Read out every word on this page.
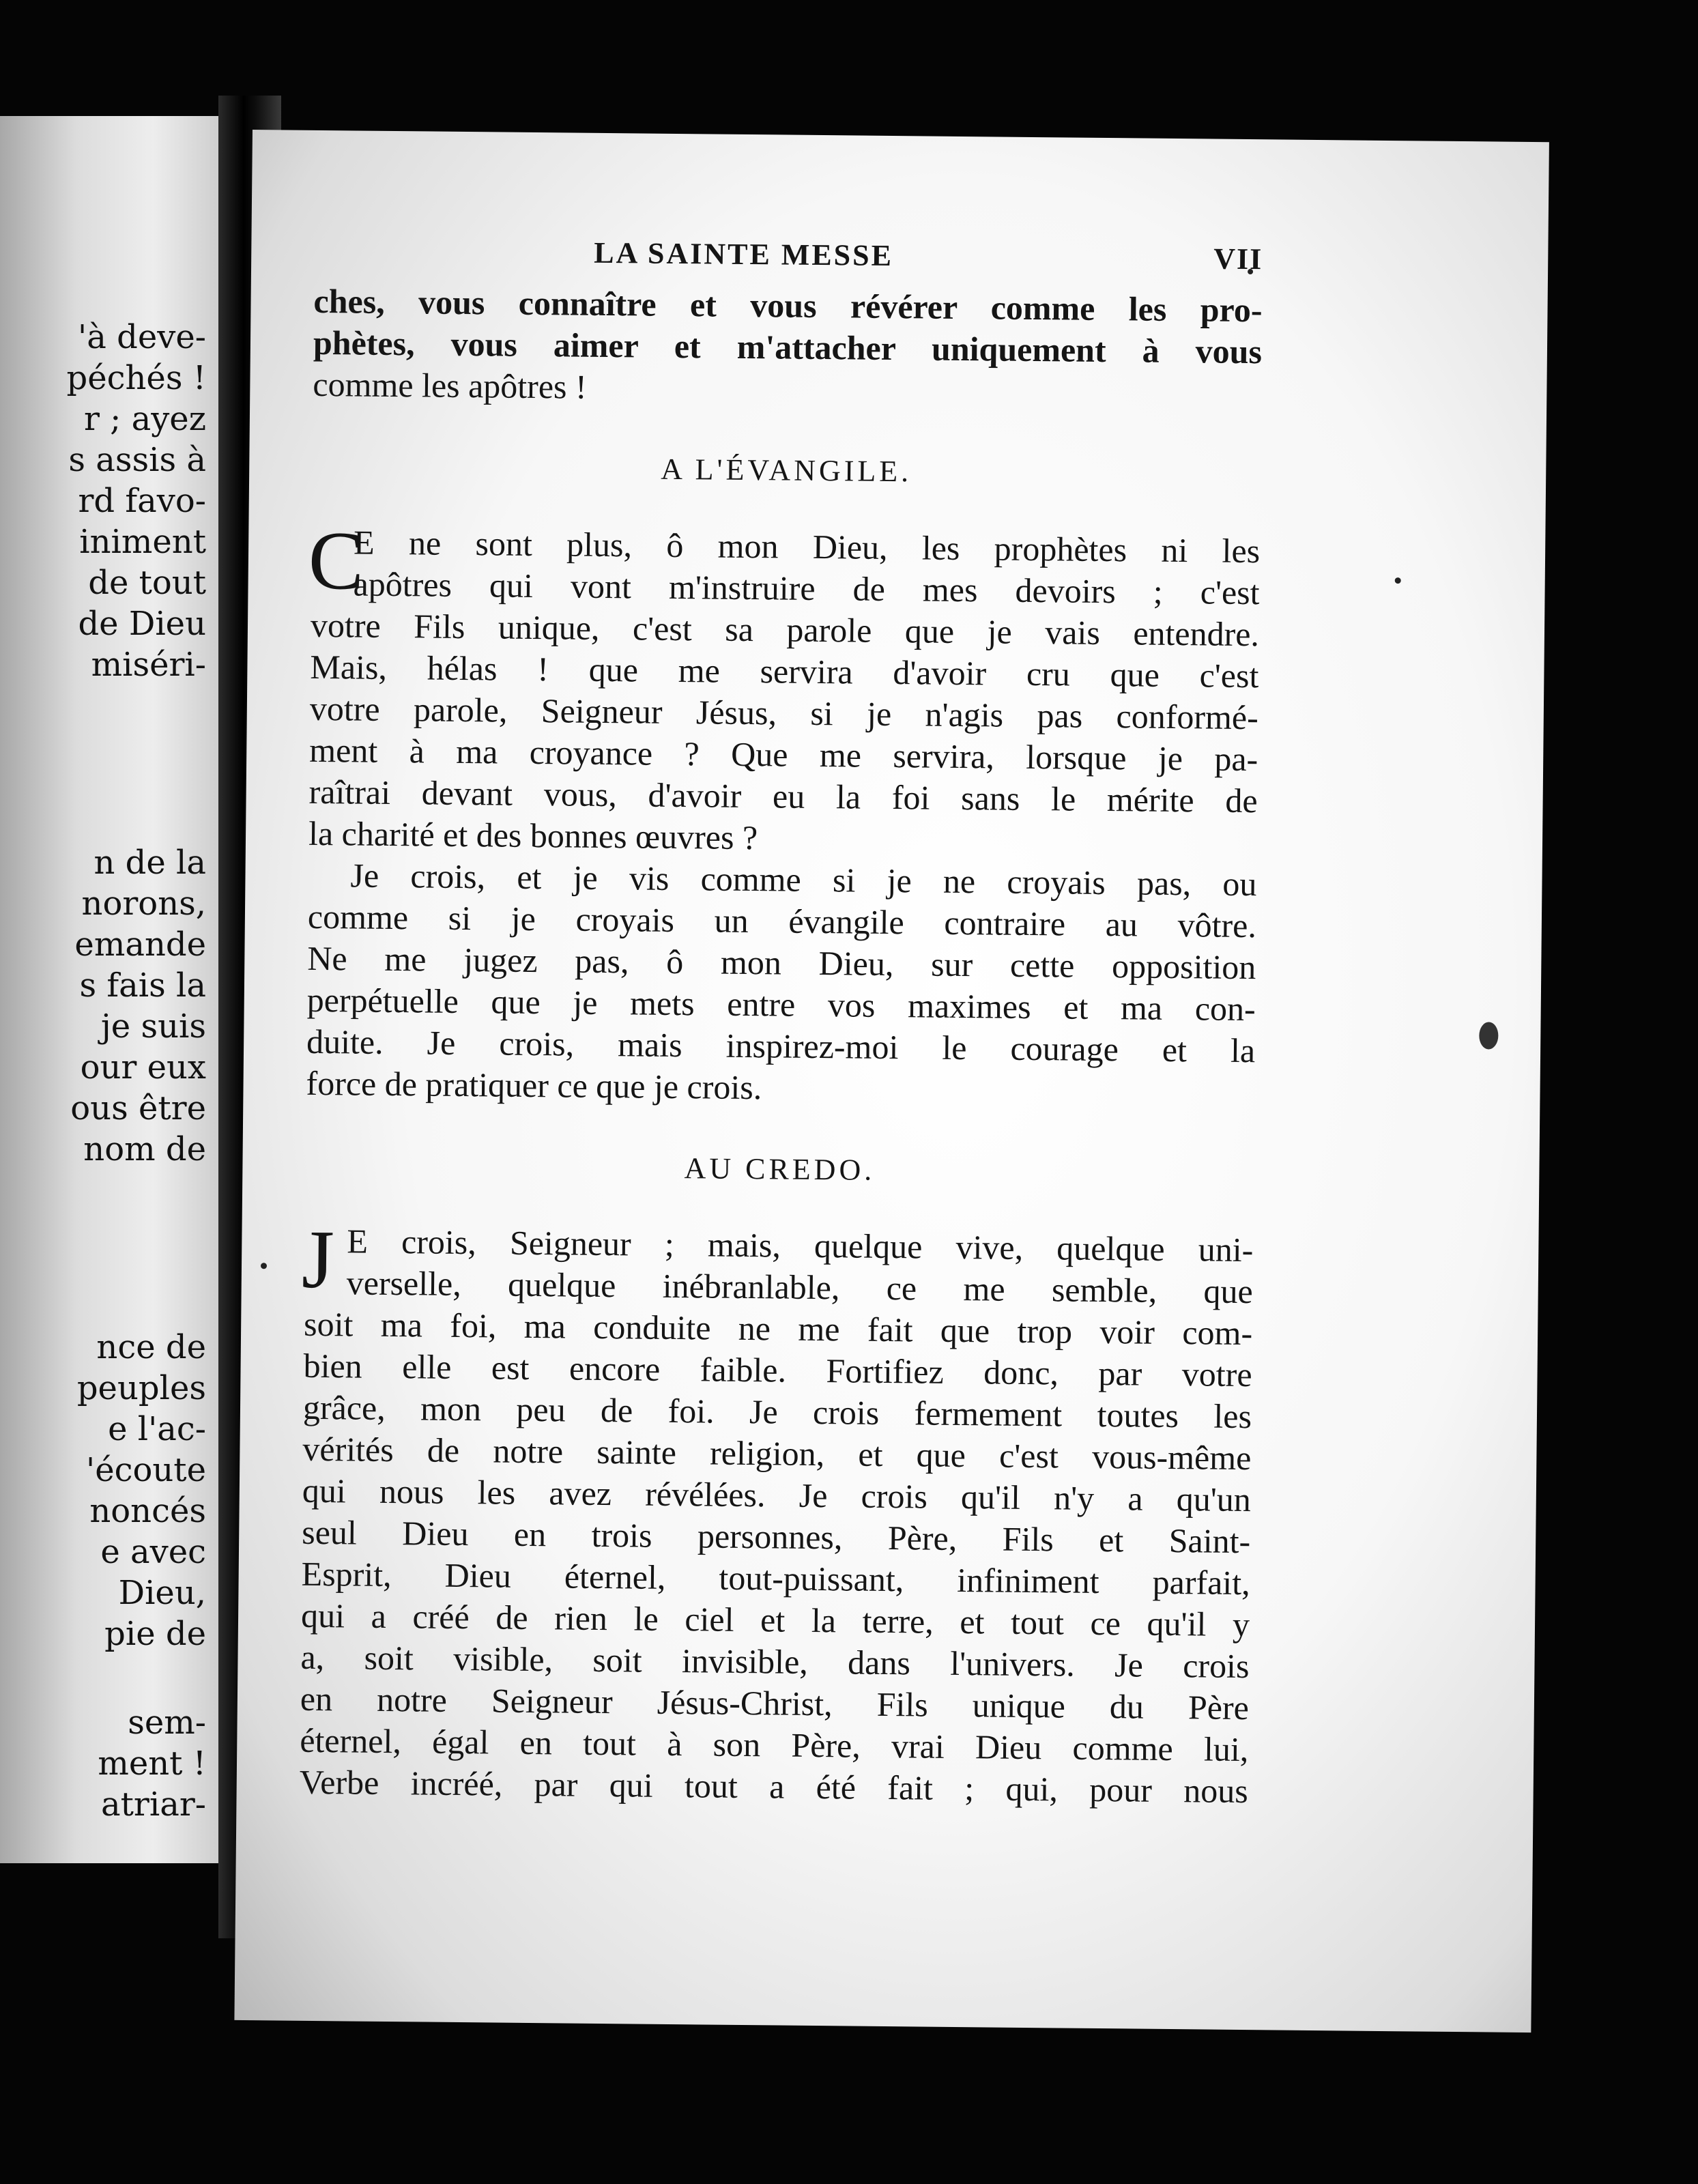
'à deve-
péchés !
r ; ayez
s assis à
rd favo-
iniment
de tout
de Dieu
miséri-
n de la
norons,
emande
s fais la
je suis
our eux
ous être
nom de
nce de
peuples
e l'ac-
'écoute
noncés
e avec
Dieu,
pie de
sem-
ment !
atriar-
LA SAINTE MESSE	VII
ches, vous connaître et vous révérer comme les pro-
phètes, vous aimer et m'attacher uniquement à vous
comme les apôtres !
A L'ÉVANGILE.
C
E ne sont plus, ô mon Dieu, les prophètes ni les
apôtres qui vont m'instruire de mes devoirs ; c'est
votre Fils unique, c'est sa parole que je vais entendre.
Mais, hélas ! que me servira d'avoir cru que c'est
votre parole, Seigneur Jésus, si je n'agis pas conformé-
ment à ma croyance ? Que me servira, lorsque je pa-
raîtrai devant vous, d'avoir eu la foi sans le mérite de
la charité et des bonnes œuvres ?
Je crois, et je vis comme si je ne croyais pas, ou
comme si je croyais un évangile contraire au vôtre.
Ne me jugez pas, ô mon Dieu, sur cette opposition
perpétuelle que je mets entre vos maximes et ma con-
duite. Je crois, mais inspirez-moi le courage et la
force de pratiquer ce que je crois.
AU CREDO.
J E crois, Seigneur ; mais, quelque vive, quelque uni-
verselle, quelque inébranlable, ce me semble, que
soit ma foi, ma conduite ne me fait que trop voir com-
bien elle est encore faible. Fortifiez donc, par votre
grâce, mon peu de foi. Je crois fermement toutes les
vérités de notre sainte religion, et que c'est vous-même
qui nous les avez révélées. Je crois qu'il n'y a qu'un
seul Dieu en trois personnes, Père, Fils et Saint-
Esprit, Dieu éternel, tout-puissant, infiniment parfait,
qui a créé de rien le ciel et la terre, et tout ce qu'il y
a, soit visible, soit invisible, dans l'univers. Je crois
en notre Seigneur Jésus-Christ, Fils unique du Père
éternel, égal en tout à son Père, vrai Dieu comme lui,
Verbe incréé, par qui tout a été fait ; qui, pour nous
